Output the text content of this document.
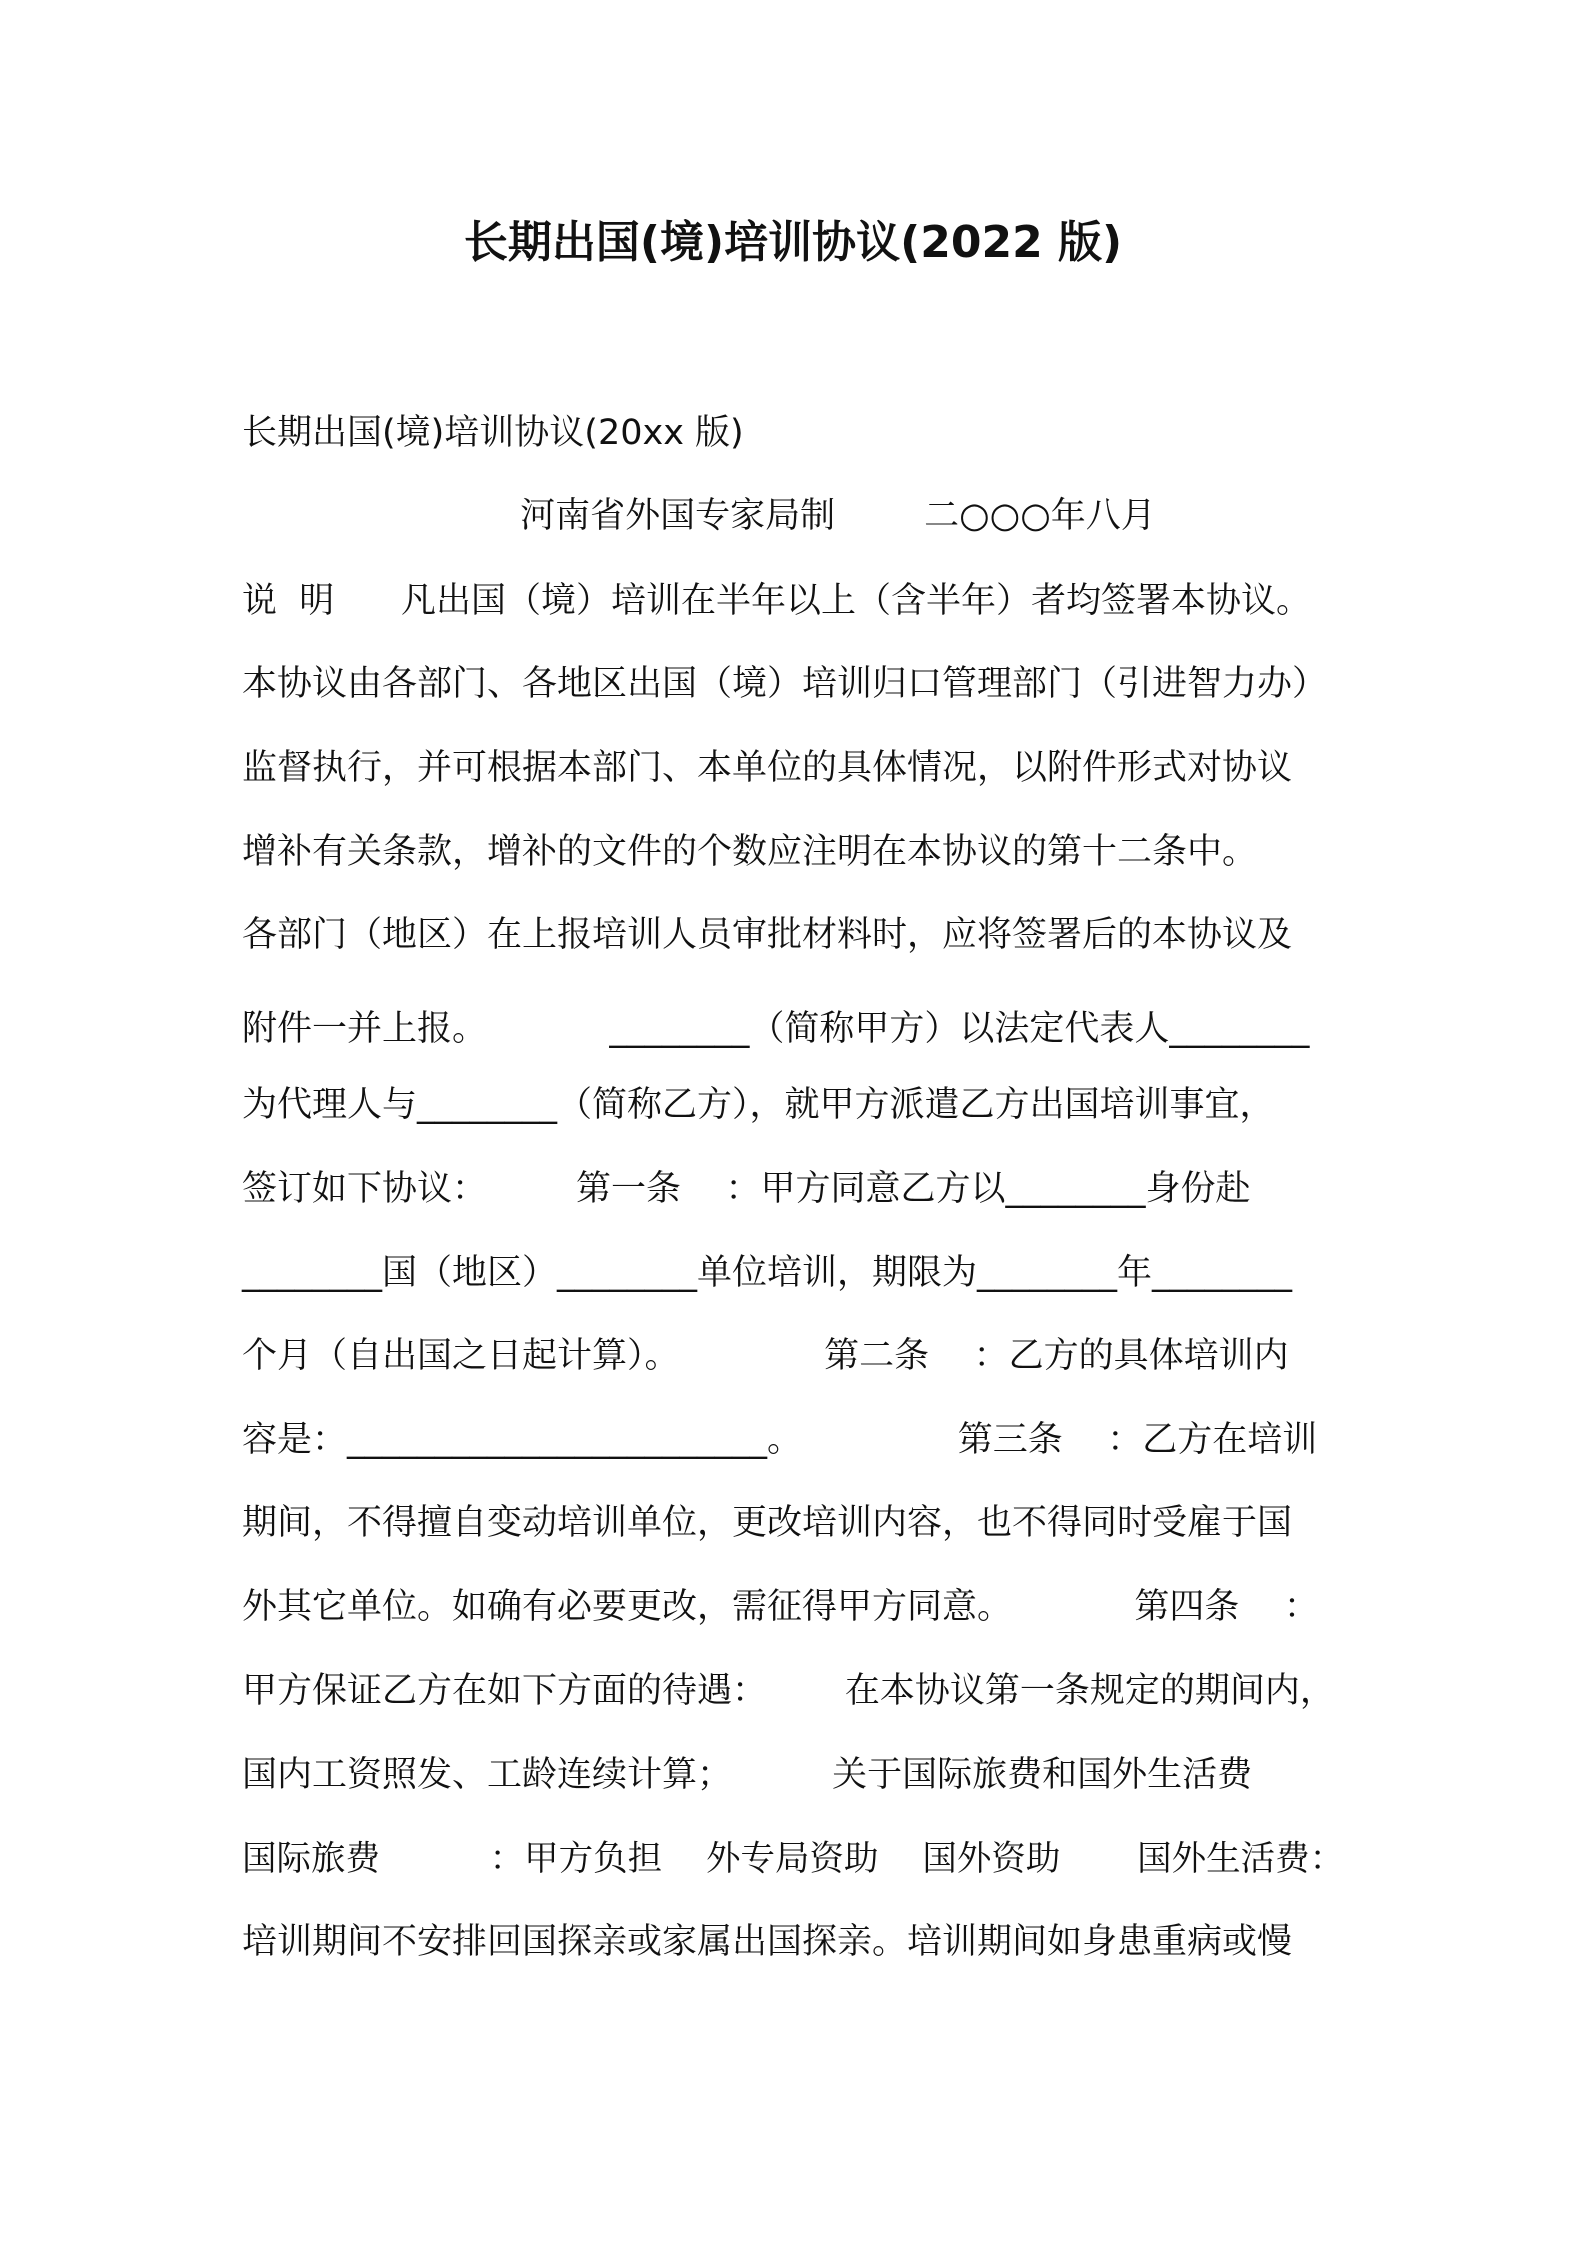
长期出国(境)培训协议(2022 版)
长期出国(境)培训协议(20xx 版)
河南省外国专家局制        二○○○年八月
说  明      凡出国（境）培训在半年以上（含半年）者均签署本协议。
本协议由各部门、各地区出国（境）培训归口管理部门（引进智力办）
监督执行，并可根据本部门、本单位的具体情况，以附件形式对协议
增补有关条款，增补的文件的个数应注明在本协议的第十二条中。
各部门（地区）在上报培训人员审批材料时，应将签署后的本协议及
附件一并上报。           ________（简称甲方）以法定代表人________
为代理人与________（简称乙方），就甲方派遣乙方出国培训事宜，
签订如下协议：        第一条    ：甲方同意乙方以________身份赴
________国（地区）________单位培训，期限为________年________
个月（自出国之日起计算）。             第二条    ：乙方的具体培训内
容是：________________________。              第三条    ：乙方在培训
期间，不得擅自变动培训单位，更改培训内容，也不得同时受雇于国
外其它单位。如确有必要更改，需征得甲方同意。           第四条    ：
甲方保证乙方在如下方面的待遇：       在本协议第一条规定的期间内，
国内工资照发、工龄连续计算；         关于国际旅费和国外生活费
国际旅费          ：甲方负担    外专局资助    国外资助       国外生活费：
培训期间不安排回国探亲或家属出国探亲。培训期间如身患重病或慢
